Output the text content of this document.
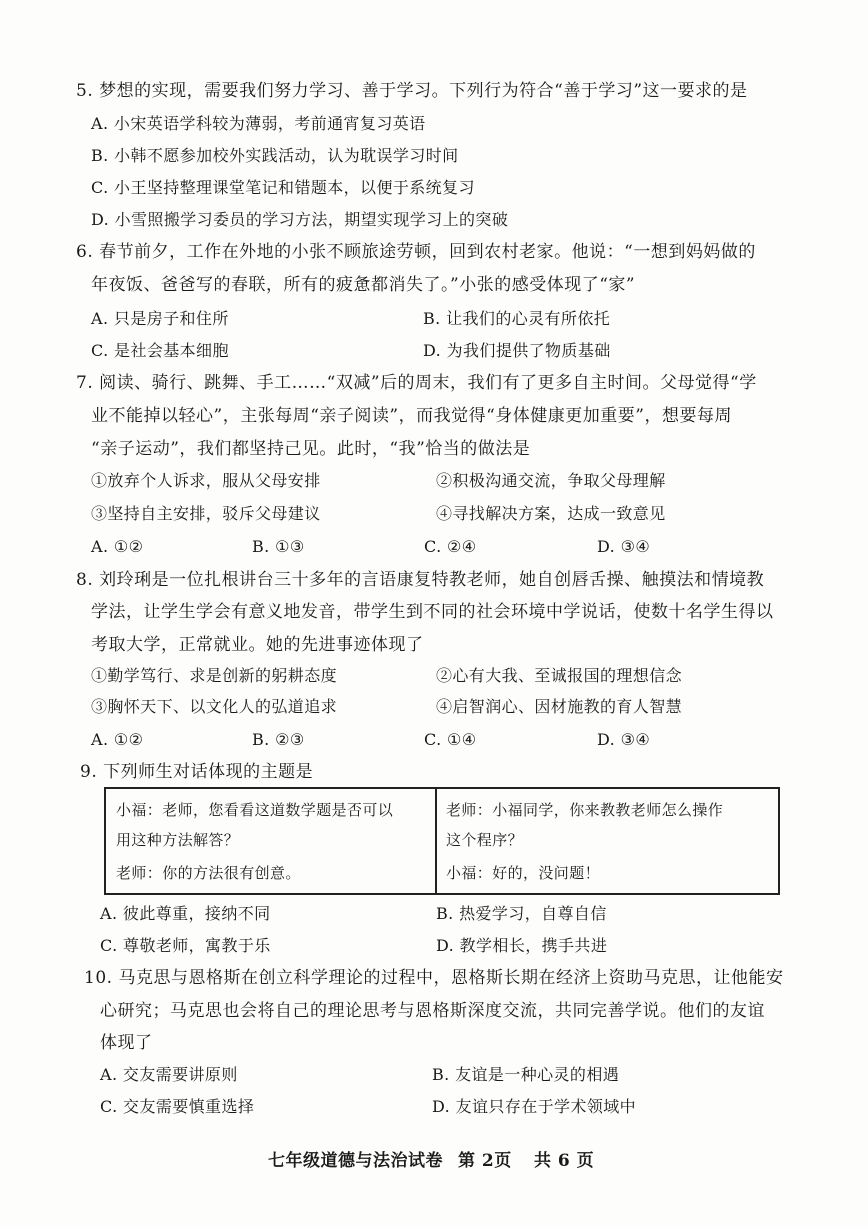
5. 梦想的实现，需要我们努力学习、善于学习。下列行为符合“善于学习”这一要求的是
A. 小宋英语学科较为薄弱，考前通宵复习英语
B. 小韩不愿参加校外实践活动，认为耽误学习时间
C. 小王坚持整理课堂笔记和错题本，以便于系统复习
D. 小雪照搬学习委员的学习方法，期望实现学习上的突破
6. 春节前夕，工作在外地的小张不顾旅途劳顿，回到农村老家。他说：“一想到妈妈做的
年夜饭、爸爸写的春联，所有的疲惫都消失了。”小张的感受体现了“家”
A. 只是房子和住所	B. 让我们的心灵有所依托
C. 是社会基本细胞	D. 为我们提供了物质基础
7. 阅读、骑行、跳舞、手工……“双减”后的周末，我们有了更多自主时间。父母觉得“学
业不能掉以轻心”，主张每周“亲子阅读”，而我觉得“身体健康更加重要”，想要每周
“亲子运动”，我们都坚持己见。此时，“我”恰当的做法是
①放弃个人诉求，服从父母安排	②积极沟通交流，争取父母理解
③坚持自主安排，驳斥父母建议	④寻找解决方案，达成一致意见
A. ①②	B. ①③	C. ②④	D. ③④
8. 刘玲琍是一位扎根讲台三十多年的言语康复特教老师，她自创唇舌操、触摸法和情境教
学法，让学生学会有意义地发音，带学生到不同的社会环境中学说话，使数十名学生得以
考取大学，正常就业。她的先进事迹体现了
①勤学笃行、求是创新的躬耕态度	②心有大我、至诚报国的理想信念
③胸怀天下、以文化人的弘道追求	④启智润心、因材施教的育人智慧
A. ①②	B. ②③	C. ①④	D. ③④
9. 下列师生对话体现的主题是
小福：老师，您看看这道数学题是否可以
用这种方法解答？
老师：你的方法很有创意。
老师：小福同学，你来教教老师怎么操作
这个程序？
小福：好的，没问题！
A. 彼此尊重，接纳不同	B. 热爱学习，自尊自信
C. 尊敬老师，寓教于乐	D. 教学相长，携手共进
10. 马克思与恩格斯在创立科学理论的过程中，恩格斯长期在经济上资助马克思，让他能安
心研究；马克思也会将自己的理论思考与恩格斯深度交流，共同完善学说。他们的友谊
体现了
A. 交友需要讲原则	B. 友谊是一种心灵的相遇
C. 交友需要慎重选择	D. 友谊只存在于学术领域中
七年级道德与法治试卷 第 2页 共 6 页
